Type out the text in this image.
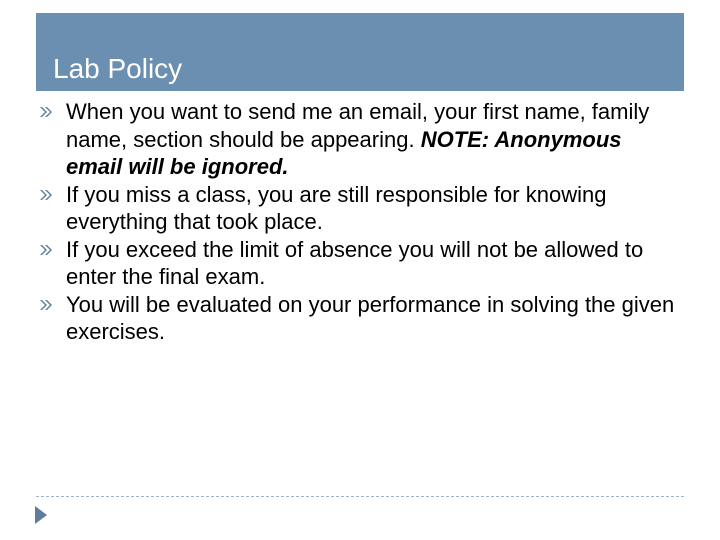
Lab Policy
When you want to send me an email, your first name, family name, section should be appearing. NOTE: Anonymous email will be ignored.
If you miss a class, you are still responsible for knowing everything that took place.
If you exceed the limit of absence you will not be allowed to enter the final exam.
You will be evaluated on your performance in solving the given exercises.
